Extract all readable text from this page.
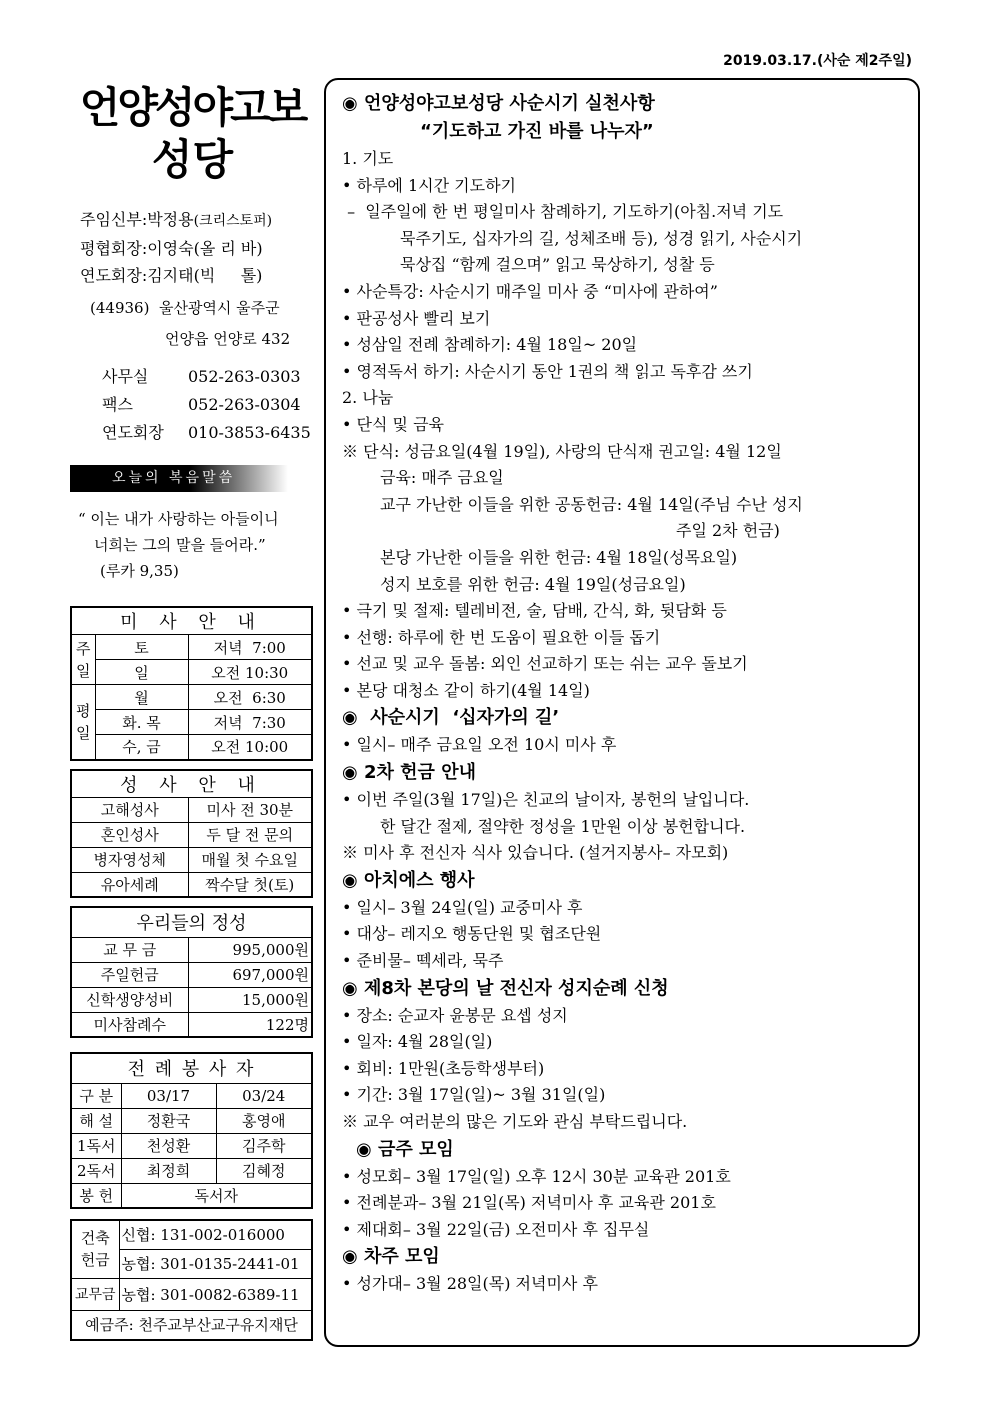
2019.03.17.(사순 제2주일)
언양성야고보
성당
주임신부:박정용(크리스토퍼)
평협회장:이영숙(올 리 바)
연도회장:김지태(빅     톨)
(44936)  울산광역시 울주군
언양읍 언양로 432
사무실	052-263-0303
팩스	052-263-0304
연도회장	010-3853-6435
오늘의 복음말씀
“ 이는 내가 사랑하는 아들이니
너희는 그의 말을 들어라.”
(루카 9,35)
미 사 안 내		
주일	토	저녁  7:00
	일	오전 10:30
평일	월	오전  6:30
	화. 목	저녁  7:30
	수, 금	오전 10:00
성 사 안 내	
고해성사	미사 전 30분
혼인성사	두 달 전 문의
병자영성체	매월 첫 수요일
유아세례	짝수달 첫(토)
우리들의 정성	
교 무 금	995,000원
주일헌금	697,000원
신학생양성비	15,000원
미사참례수	122명
전 례 봉 사 자		
구 분	03/17	03/24
해 설	정환국	홍영애
1독서	천성환	김주학
2독서	최정희	김혜정
봉 헌	독서자	
건축
헌금	신협: 131-002-016000
	농협: 301-0135-2441-01
교무금	농협: 301-0082-6389-11
예금주: 천주교부산교구유지재단	
◉ 언양성야고보성당 사순시기 실천사항
“기도하고 가진 바를 나누자”
1. 기도
• 하루에 1시간 기도하기
–  일주일에 한 번 평일미사 참례하기, 기도하기(아침.저녁 기도
묵주기도, 십자가의 길, 성체조배 등), 성경 읽기, 사순시기
묵상집 “함께 걸으며” 읽고 묵상하기, 성찰 등
• 사순특강: 사순시기 매주일 미사 중 “미사에 관하여”
• 판공성사 빨리 보기
• 성삼일 전례 참례하기: 4월 18일~ 20일
• 영적독서 하기: 사순시기 동안 1권의 책 읽고 독후감 쓰기
2. 나눔
• 단식 및 금육
※ 단식: 성금요일(4월 19일), 사랑의 단식재 권고일: 4월 12일
금육: 매주 금요일
교구 가난한 이들을 위한 공동헌금: 4월 14일(주님 수난 성지
주일 2차 헌금)
본당 가난한 이들을 위한 헌금: 4월 18일(성목요일)
성지 보호를 위한 헌금: 4월 19일(성금요일)
• 극기 및 절제: 텔레비전, 술, 담배, 간식, 화, 뒷담화 등
• 선행: 하루에 한 번 도움이 필요한 이들 돕기
• 선교 및 교우 돌봄: 외인 선교하기 또는 쉬는 교우 돌보기
• 본당 대청소 같이 하기(4월 14일)
◉  사순시기  ‘십자가의 길’
• 일시– 매주 금요일 오전 10시 미사 후
◉ 2차 헌금 안내
• 이번 주일(3월 17일)은 친교의 날이자, 봉헌의 날입니다.
한 달간 절제, 절약한 정성을 1만원 이상 봉헌합니다.
※ 미사 후 전신자 식사 있습니다. (설거지봉사– 자모회)
◉ 아치에스 행사
• 일시– 3월 24일(일) 교중미사 후
• 대상– 레지오 행동단원 및 협조단원
• 준비물– 떽세라, 묵주
◉ 제8차 본당의 날 전신자 성지순례 신청
• 장소: 순교자 윤봉문 요셉 성지
• 일자: 4월 28일(일)
• 회비: 1만원(초등학생부터)
• 기간: 3월 17일(일)~ 3월 31일(일)
※ 교우 여러분의 많은 기도와 관심 부탁드립니다.
◉ 금주 모임
• 성모회– 3월 17일(일) 오후 12시 30분 교육관 201호
• 전례분과– 3월 21일(목) 저녁미사 후 교육관 201호
• 제대회– 3월 22일(금) 오전미사 후 집무실
◉ 차주 모임
• 성가대– 3월 28일(목) 저녁미사 후
